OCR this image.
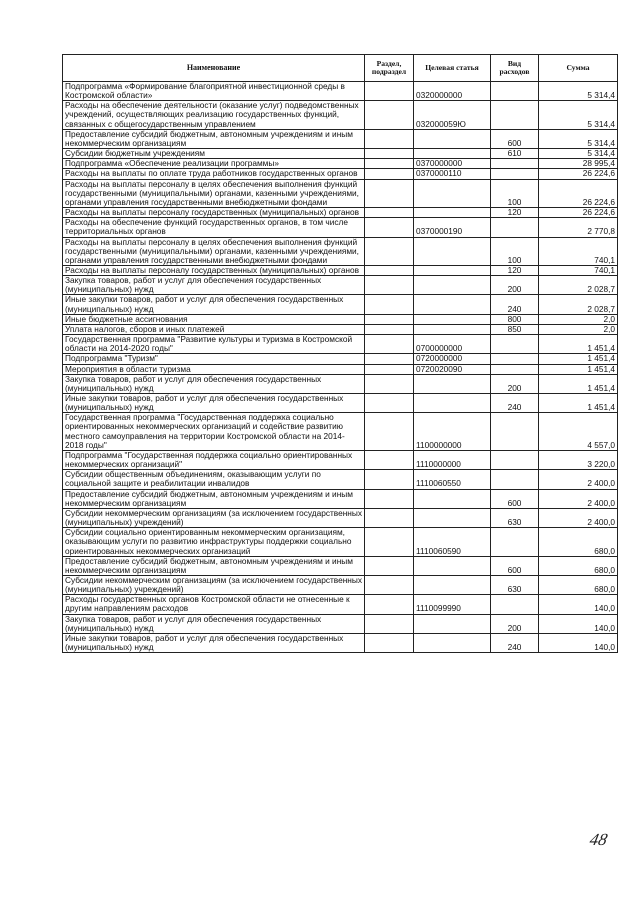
Наименование	Раздел, подраздел	Целевая статья	Вид расходов	Сумма
Подпрограмма «Формирование благоприятной инвестиционной среды в Костромской области»		0320000000		5 314,4
Расходы на обеспечение деятельности (оказание услуг) подведомственных учреждений, осуществляющих реализацию государственных функций, связанных с общегосударственным управлением		032000059Ю		5 314,4
Предоставление субсидий бюджетным, автономным учреждениям и иным некоммерческим организациям			600	5 314,4
Субсидии бюджетным учреждениям			610	5 314,4
Подпрограмма «Обеспечение реализации программы»		0370000000		28 995,4
Расходы на выплаты по оплате труда работников государственных органов		0370000110		26 224,6
Расходы на выплаты персоналу в целях обеспечения выполнения функций государственными (муниципальными) органами, казенными учреждениями, органами управления государственными внебюджетными фондами			100	26 224,6
Расходы на выплаты персоналу государственных (муниципальных) органов			120	26 224,6
Расходы на обеспечение функций государственных органов, в том числе территориальных органов		0370000190		2 770,8
Расходы на выплаты персоналу в целях обеспечения выполнения функций государственными (муниципальными) органами, казенными учреждениями, органами управления государственными внебюджетными фондами			100	740,1
Расходы на выплаты персоналу государственных (муниципальных) органов			120	740,1
Закупка товаров, работ и услуг для обеспечения государственных (муниципальных) нужд			200	2 028,7
Иные закупки товаров, работ и услуг для обеспечения государственных (муниципальных) нужд			240	2 028,7
Иные бюджетные ассигнования			800	2,0
Уплата налогов, сборов и иных платежей			850	2,0
Государственная программа "Развитие культуры и туризма в Костромской области на 2014-2020 годы"		0700000000		1 451,4
Подпрограмма "Туризм"		0720000000		1 451,4
Мероприятия в области туризма		0720020090		1 451,4
Закупка товаров, работ и услуг для обеспечения государственных (муниципальных) нужд			200	1 451,4
Иные закупки товаров, работ и услуг для обеспечения государственных (муниципальных) нужд			240	1 451,4
Государственная программа "Государственная поддержка социально ориентированных некоммерческих организаций и содействие развитию местного самоуправления на территории Костромской области на 2014-2018 годы"		1100000000		4 557,0
Подпрограмма "Государственная поддержка социально ориентированных некоммерческих организаций"		1110000000		3 220,0
Субсидии общественным объединениям, оказывающим услуги по социальной защите и реабилитации инвалидов		1110060550		2 400,0
Предоставление субсидий бюджетным, автономным учреждениям и иным некоммерческим организациям			600	2 400,0
Субсидии некоммерческим организациям (за исключением государственных (муниципальных) учреждений)			630	2 400,0
Субсидии социально ориентированным некоммерческим организациям, оказывающим услуги по развитию инфраструктуры поддержки социально ориентированных некоммерческих организаций		1110060590		680,0
Предоставление субсидий бюджетным, автономным учреждениям и иным некоммерческим организациям			600	680,0
Субсидии некоммерческим организациям (за исключением государственных (муниципальных) учреждений)			630	680,0
Расходы государственных органов Костромской области не отнесенные к другим направлениям расходов		1110099990		140,0
Закупка товаров, работ и услуг для обеспечения государственных (муниципальных) нужд			200	140,0
Иные закупки товаров, работ и услуг для обеспечения государственных (муниципальных) нужд			240	140,0
48
